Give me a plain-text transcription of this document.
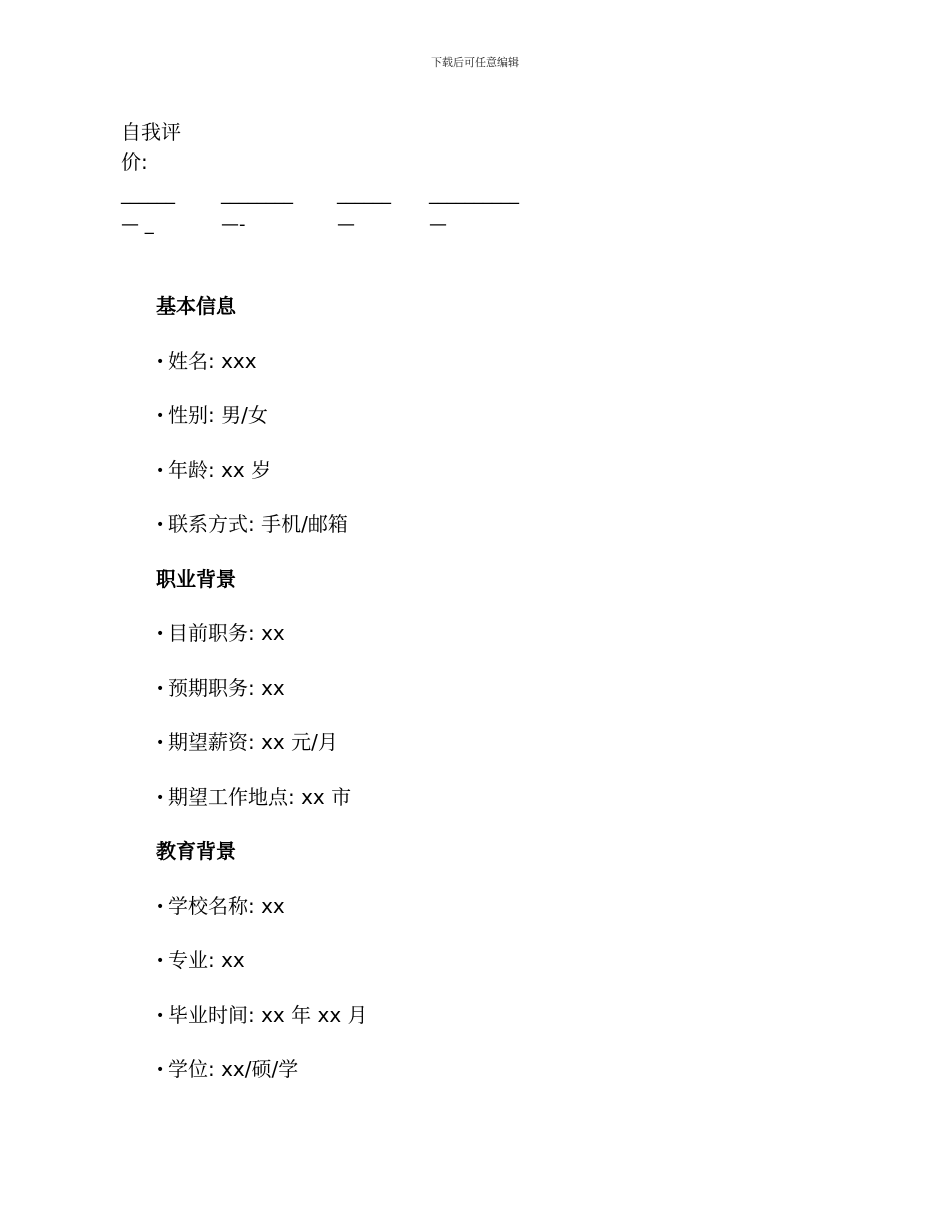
下载后可任意编辑
自我评价:
______
— _
________
—-
______
—
__________
—
基本信息
• 姓名: xxx
• 性别: 男/女
• 年龄: xx 岁
• 联系方式: 手机/邮箱
职业背景
• 目前职务: xx
• 预期职务: xx
• 期望薪资: xx 元/月
• 期望工作地点: xx 市
教育背景
• 学校名称: xx
• 专业: xx
• 毕业时间: xx 年 xx 月
• 学位: xx/硕/学
